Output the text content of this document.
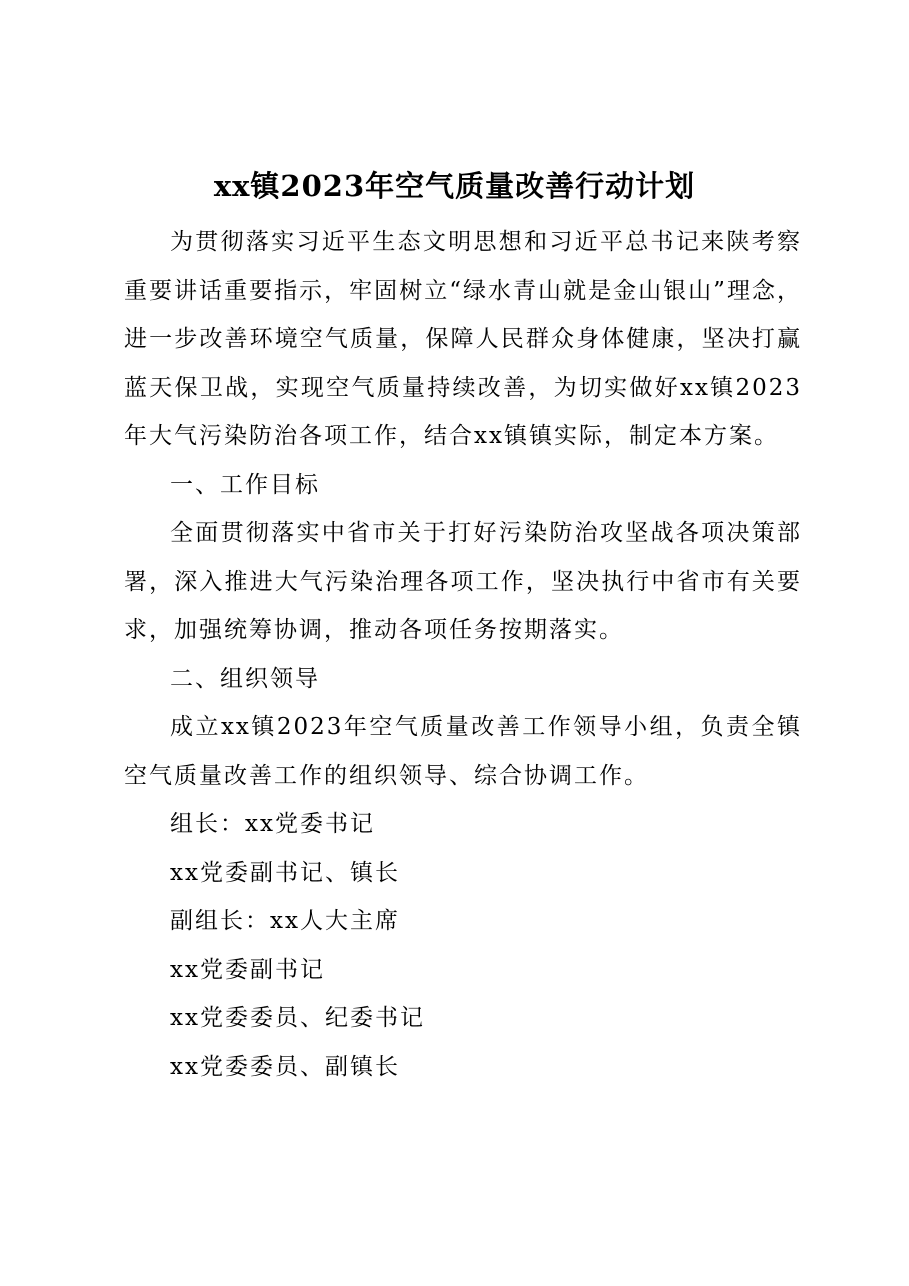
xx镇2023年空气质量改善行动计划

为贯彻落实习近平生态文明思想和习近平总书记来陕考察重要讲话重要指示，牢固树立“绿水青山就是金山银山”理念，进一步改善环境空气质量，保障人民群众身体健康，坚决打赢蓝天保卫战，实现空气质量持续改善，为切实做好xx镇2023年大气污染防治各项工作，结合xx镇镇实际，制定本方案。

一、工作目标

全面贯彻落实中省市关于打好污染防治攻坚战各项决策部署，深入推进大气污染治理各项工作，坚决执行中省市有关要求，加强统筹协调，推动各项任务按期落实。

二、组织领导

成立xx镇2023年空气质量改善工作领导小组，负责全镇空气质量改善工作的组织领导、综合协调工作。

组长：xx党委书记

xx党委副书记、镇长

副组长：xx人大主席

xx党委副书记

xx党委委员、纪委书记

xx党委委员、副镇长
